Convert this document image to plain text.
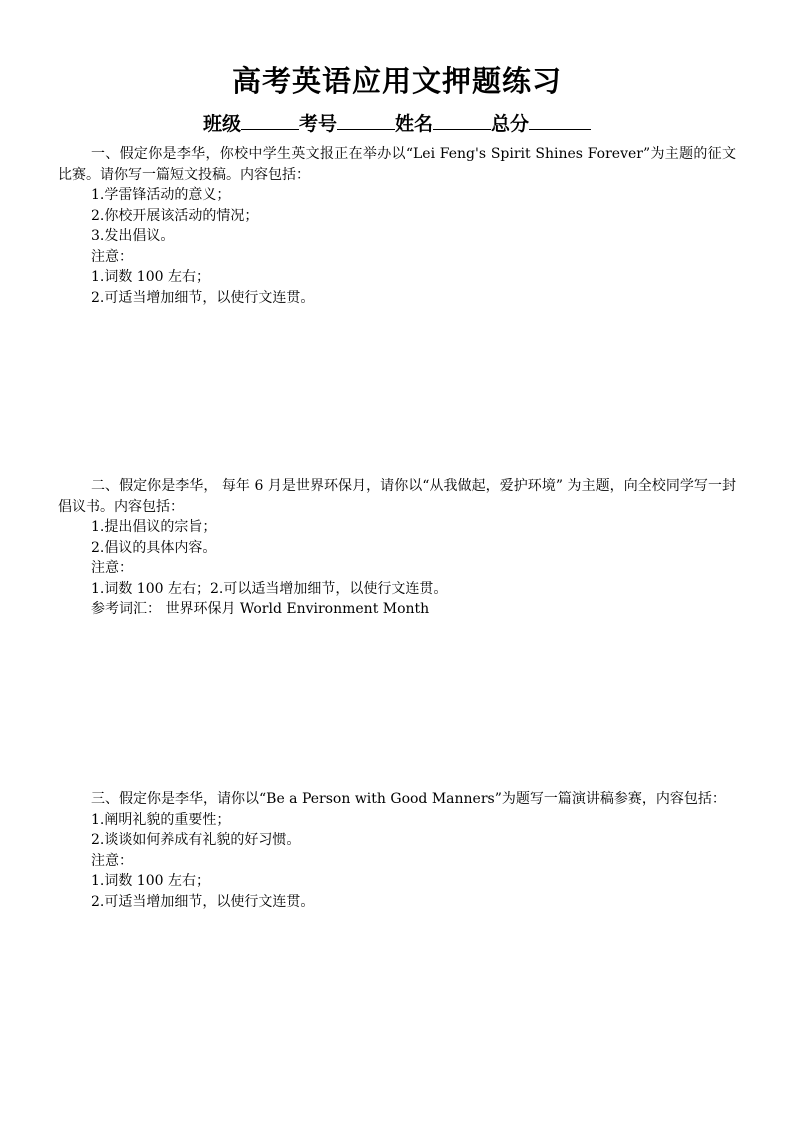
高考英语应用文押题练习
班级	考号	姓名	总分

一、假定你是李华，你校中学生英文报正在举办以“Lei Feng's Spirit Shines Forever”为主题的征文比赛。请你写一篇短文投稿。内容包括：

1.学雷锋活动的意义；

2.你校开展该活动的情况；

3.发出倡议。

注意：

1.词数 100 左右；

2.可适当增加细节，以使行文连贯。

二、假定你是李华， 每年 6 月是世界环保月，请你以“从我做起，爱护环境” 为主题，向全校同学写一封倡议书。内容包括：

1.提出倡议的宗旨；

2.倡议的具体内容。

注意：

1.词数 100 左右；2.可以适当增加细节，以使行文连贯。

参考词汇： 世界环保月 World Environment Month

三、假定你是李华，请你以“Be a Person with Good Manners”为题写一篇演讲稿参赛，内容包括：

1.阐明礼貌的重要性；

2.谈谈如何养成有礼貌的好习惯。

注意：

1.词数 100 左右；

2.可适当增加细节，以使行文连贯。
